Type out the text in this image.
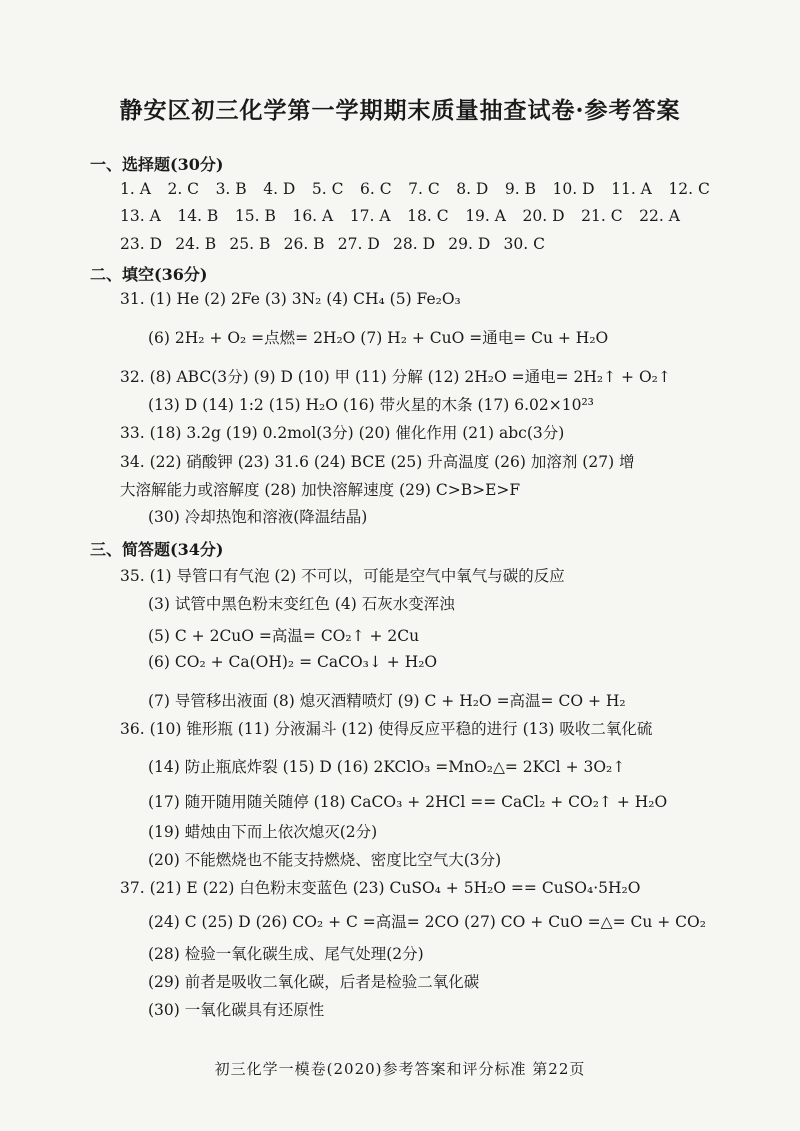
静安区初三化学第一学期期末质量抽查试卷·参考答案
一、选择题(30分)
1. A 2. C 3. B 4. D 5. C 6. C 7. C 8. D 9. B 10. D 11. A 12. C
13. A 14. B 15. B 16. A 17. A 18. C 19. A 20. D 21. C 22. A
23. D 24. B 25. B 26. B 27. D 28. D 29. D 30. C
二、填空(36分)
31. (1) He (2) 2Fe (3) 3N₂ (4) CH₄ (5) Fe₂O₃
(6) 2H₂ + O₂ =点燃= 2H₂O (7) H₂ + CuO =通电= Cu + H₂O
32. (8) ABC(3分) (9) D (10) 甲 (11) 分解 (12) 2H₂O =通电= 2H₂↑ + O₂↑
(13) D (14) 1:2 (15) H₂O (16) 带火星的木条 (17) 6.02×10²³
33. (18) 3.2g (19) 0.2mol(3分) (20) 催化作用 (21) abc(3分)
34. (22) 硝酸钾 (23) 31.6 (24) BCE (25) 升高温度 (26) 加溶剂 (27) 增
大溶解能力或溶解度 (28) 加快溶解速度 (29) C>B>E>F
(30) 冷却热饱和溶液(降温结晶)
三、简答题(34分)
35. (1) 导管口有气泡 (2) 不可以，可能是空气中氧气与碳的反应
(3) 试管中黑色粉末变红色 (4) 石灰水变浑浊
(5) C + 2CuO =高温= CO₂↑ + 2Cu
(6) CO₂ + Ca(OH)₂ = CaCO₃↓ + H₂O
(7) 导管移出液面 (8) 熄灭酒精喷灯 (9) C + H₂O =高温= CO + H₂
36. (10) 锥形瓶 (11) 分液漏斗 (12) 使得反应平稳的进行 (13) 吸收二氧化硫
(14) 防止瓶底炸裂 (15) D (16) 2KClO₃ =MnO₂△= 2KCl + 3O₂↑
(17) 随开随用随关随停 (18) CaCO₃ + 2HCl == CaCl₂ + CO₂↑ + H₂O
(19) 蜡烛由下而上依次熄灭(2分)
(20) 不能燃烧也不能支持燃烧、密度比空气大(3分)
37. (21) E (22) 白色粉末变蓝色 (23) CuSO₄ + 5H₂O == CuSO₄·5H₂O
(24) C (25) D (26) CO₂ + C =高温= 2CO (27) CO + CuO =△= Cu + CO₂
(28) 检验一氧化碳生成、尾气处理(2分)
(29) 前者是吸收二氧化碳，后者是检验二氧化碳
(30) 一氧化碳具有还原性
初三化学一模卷(2020)参考答案和评分标准 第22页
